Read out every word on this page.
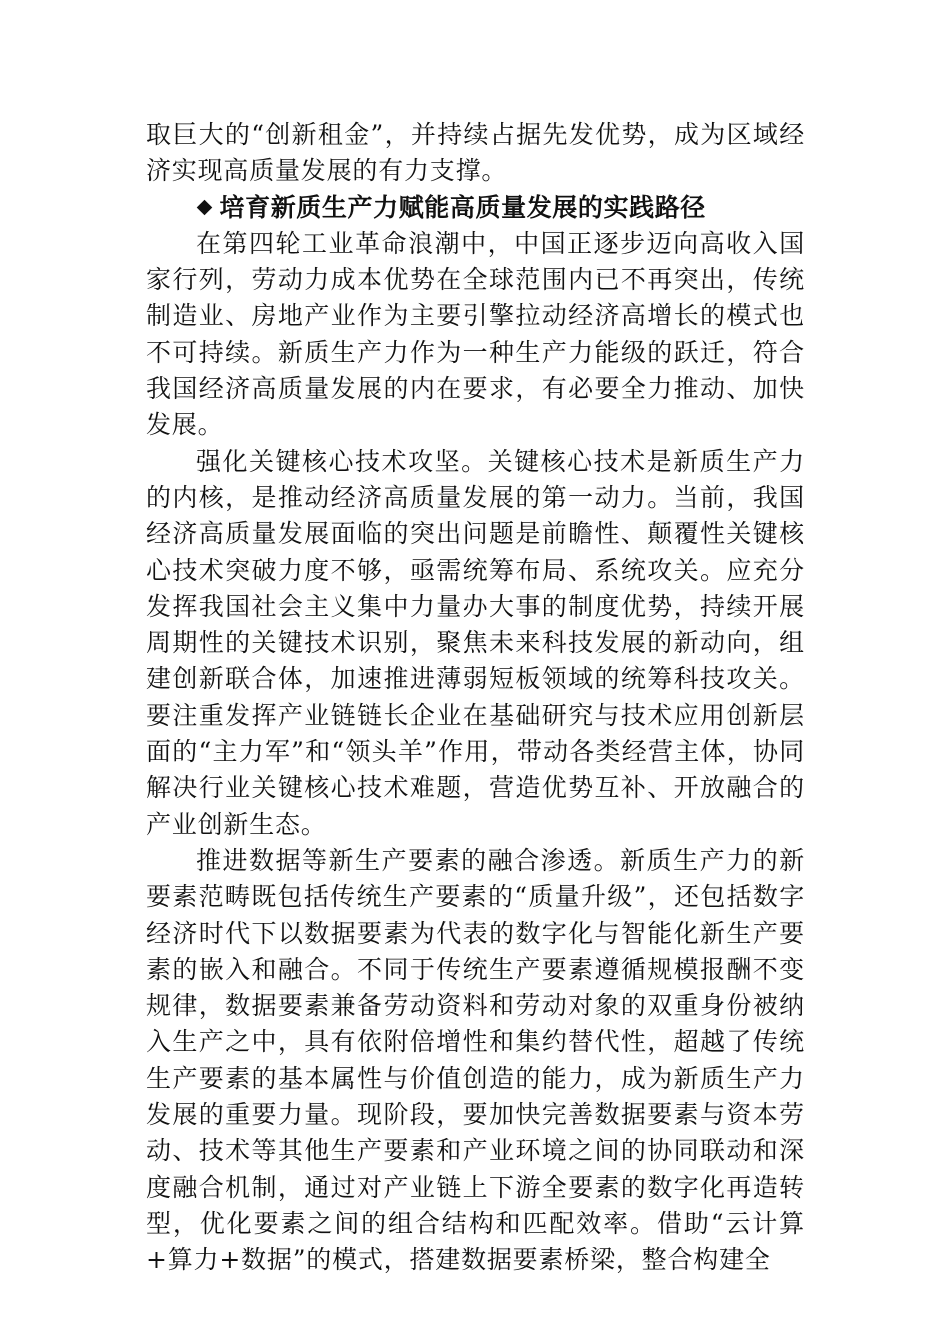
取巨大的“创新租金”，并持续占据先发优势，成为区域经济实现高质量发展的有力支撑。

培育新质生产力赋能高质量发展的实践路径

在第四轮工业革命浪潮中，中国正逐步迈向高收入国家行列，劳动力成本优势在全球范围内已不再突出，传统制造业、房地产业作为主要引擎拉动经济高增长的模式也不可持续。新质生产力作为一种生产力能级的跃迁，符合我国经济高质量发展的内在要求，有必要全力推动、加快发展。

强化关键核心技术攻坚。关键核心技术是新质生产力的内核，是推动经济高质量发展的第一动力。当前，我国经济高质量发展面临的突出问题是前瞻性、颠覆性关键核心技术突破力度不够，亟需统筹布局、系统攻关。应充分发挥我国社会主义集中力量办大事的制度优势，持续开展周期性的关键技术识别，聚焦未来科技发展的新动向，组建创新联合体，加速推进薄弱短板领域的统筹科技攻关。要注重发挥产业链链长企业在基础研究与技术应用创新层面的“主力军”和“领头羊”作用，带动各类经营主体，协同解决行业关键核心技术难题，营造优势互补、开放融合的产业创新生态。

推进数据等新生产要素的融合渗透。新质生产力的新要素范畴既包括传统生产要素的“质量升级”，还包括数字经济时代下以数据要素为代表的数字化与智能化新生产要素的嵌入和融合。不同于传统生产要素遵循规模报酬不变规律，数据要素兼备劳动资料和劳动对象的双重身份被纳入生产之中，具有依附倍增性和集约替代性，超越了传统生产要素的基本属性与价值创造的能力，成为新质生产力发展的重要力量。现阶段，要加快完善数据要素与资本劳动、技术等其他生产要素和产业环境之间的协同联动和深度融合机制，通过对产业链上下游全要素的数字化再造转型，优化要素之间的组合结构和匹配效率。借助“云计算+算力+数据”的模式，搭建数据要素桥梁，整合构建全
